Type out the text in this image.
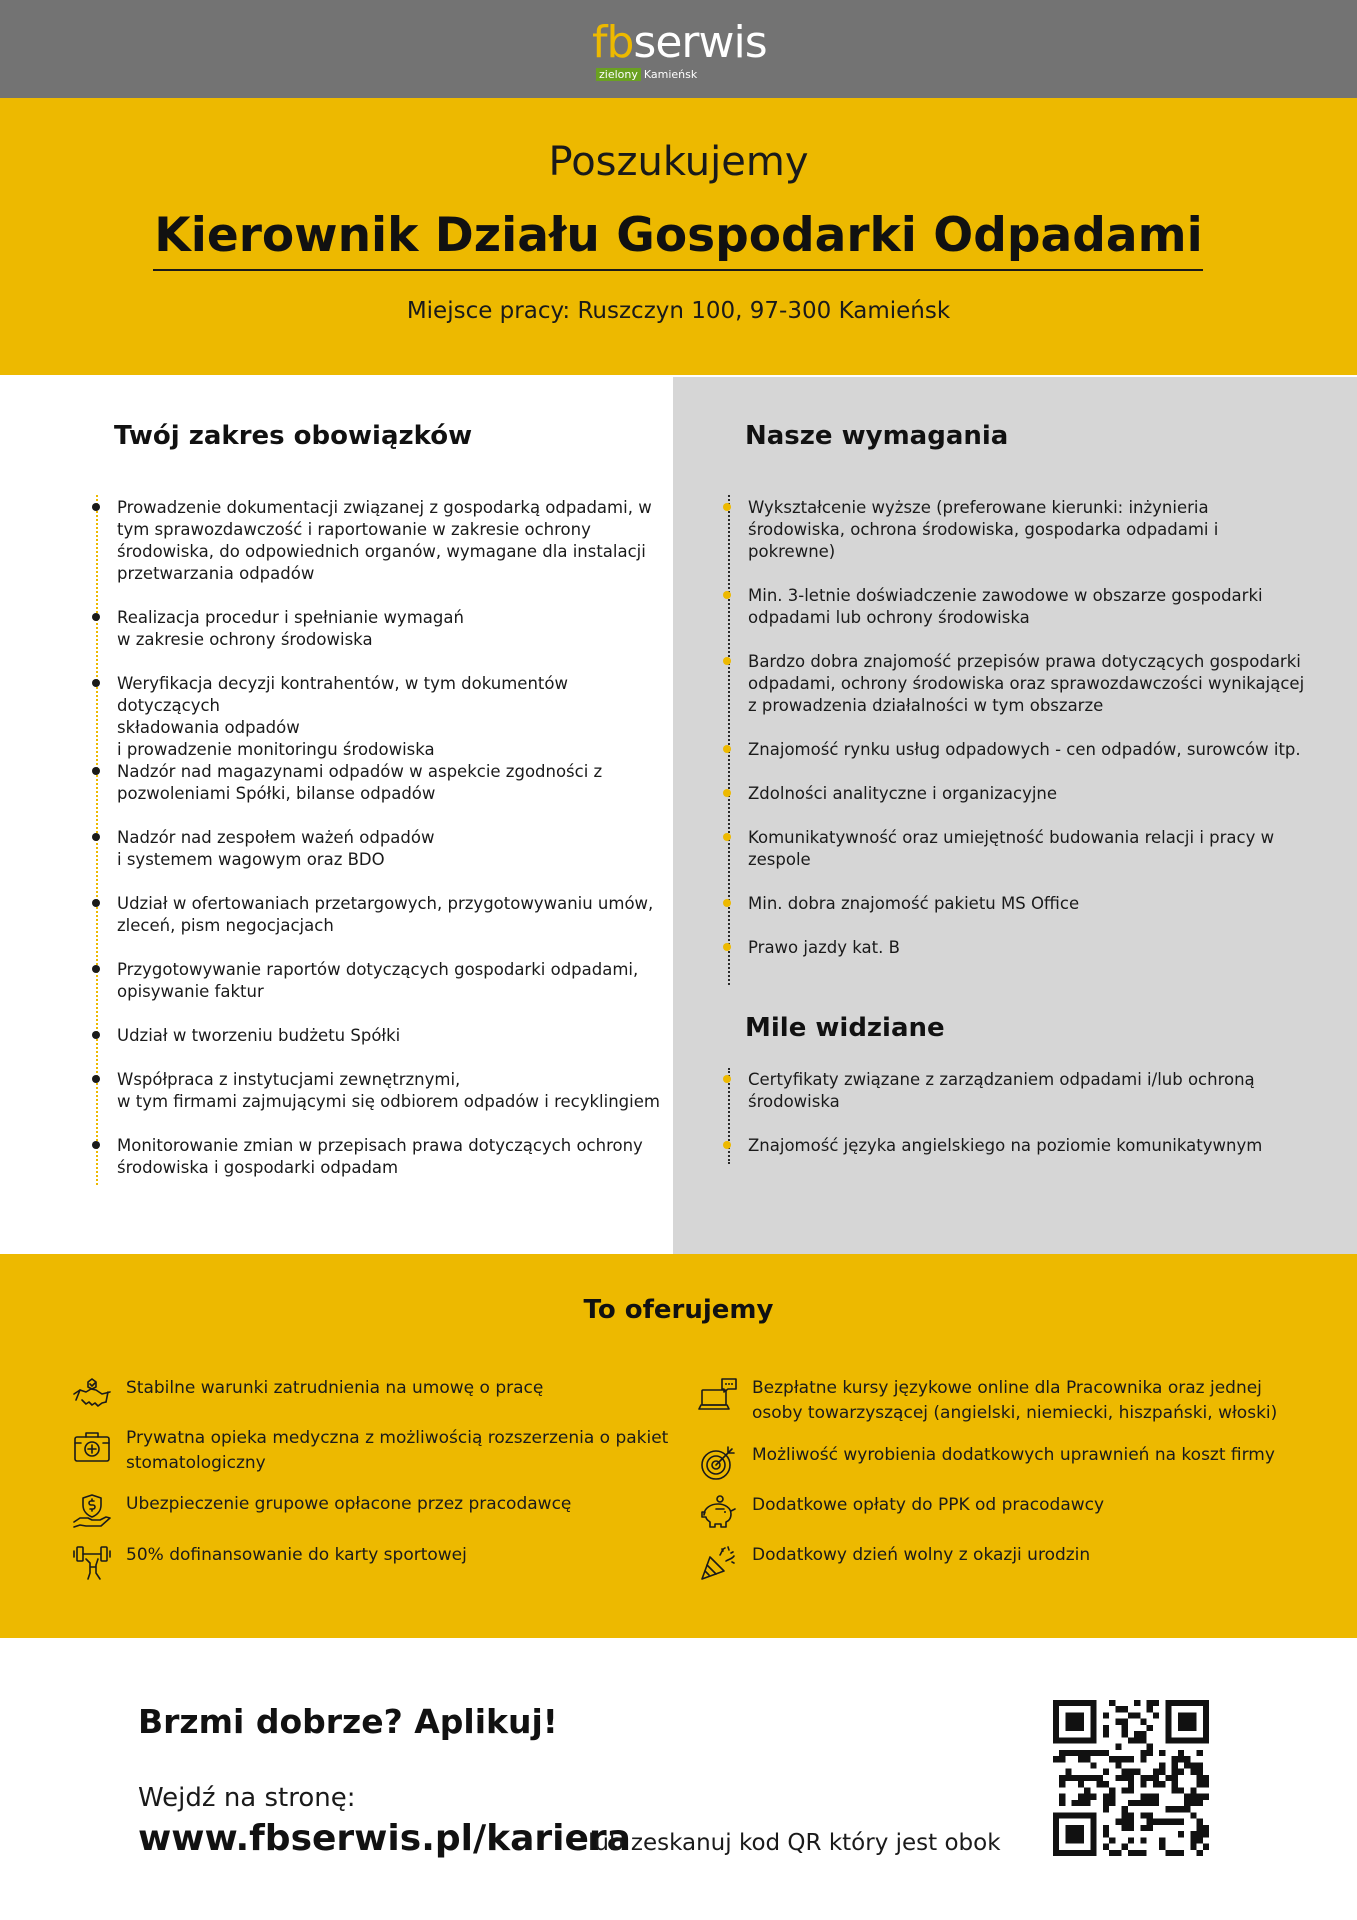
fbserwis
zielony Kamieńsk
Poszukujemy
Kierownik Działu Gospodarki Odpadami
Miejsce pracy: Ruszczyn 100, 97-300 Kamieńsk
Twój zakres obowiązków
Prowadzenie dokumentacji związanej z gospodarką odpadami, w
tym sprawozdawczość i raportowanie w zakresie ochrony
środowiska, do odpowiednich organów, wymagane dla instalacji
przetwarzania odpadów
Realizacja procedur i spełnianie wymagań
w zakresie ochrony środowiska
Weryfikacja decyzji kontrahentów, w tym dokumentów dotyczących
składowania odpadów
i prowadzenie monitoringu środowiska
Nadzór nad magazynami odpadów w aspekcie zgodności z
pozwoleniami Spółki, bilanse odpadów
Nadzór nad zespołem ważeń odpadów
i systemem wagowym oraz BDO
Udział w ofertowaniach przetargowych, przygotowywaniu umów,
zleceń, pism negocjacjach
Przygotowywanie raportów dotyczących gospodarki odpadami,
opisywanie faktur
Udział w tworzeniu budżetu Spółki
Współpraca z instytucjami zewnętrznymi,
w tym firmami zajmującymi się odbiorem odpadów i recyklingiem
Monitorowanie zmian w przepisach prawa dotyczących ochrony
środowiska i gospodarki odpadam
Nasze wymagania
Wykształcenie wyższe (preferowane kierunki: inżynieria
środowiska, ochrona środowiska, gospodarka odpadami i
pokrewne)
Min. 3-letnie doświadczenie zawodowe w obszarze gospodarki
odpadami lub ochrony środowiska
Bardzo dobra znajomość przepisów prawa dotyczących gospodarki
odpadami, ochrony środowiska oraz sprawozdawczości wynikającej
z prowadzenia działalności w tym obszarze
Znajomość rynku usług odpadowych - cen odpadów, surowców itp.
Zdolności analityczne i organizacyjne
Komunikatywność oraz umiejętność budowania relacji i pracy w
zespole
Min. dobra znajomość pakietu MS Office
Prawo jazdy kat. B
Mile widziane
Certyfikaty związane z zarządzaniem odpadami i/lub ochroną
środowiska
Znajomość języka angielskiego na poziomie komunikatywnym
To oferujemy
Stabilne warunki zatrudnienia na umowę o pracę
Prywatna opieka medyczna z możliwością rozszerzenia o pakiet
stomatologiczny
Ubezpieczenie grupowe opłacone przez pracodawcę
50% dofinansowanie do karty sportowej
Bezpłatne kursy językowe online dla Pracownika oraz jednej
osoby towarzyszącej (angielski, niemiecki, hiszpański, włoski)
Możliwość wyrobienia dodatkowych uprawnień na koszt firmy
Dodatkowe opłaty do PPK od pracodawcy
Dodatkowy dzień wolny z okazji urodzin
Brzmi dobrze? Aplikuj!
Wejdź na stronę:
www.fbserwis.pl/kariera
lub zeskanuj kod QR który jest obok
